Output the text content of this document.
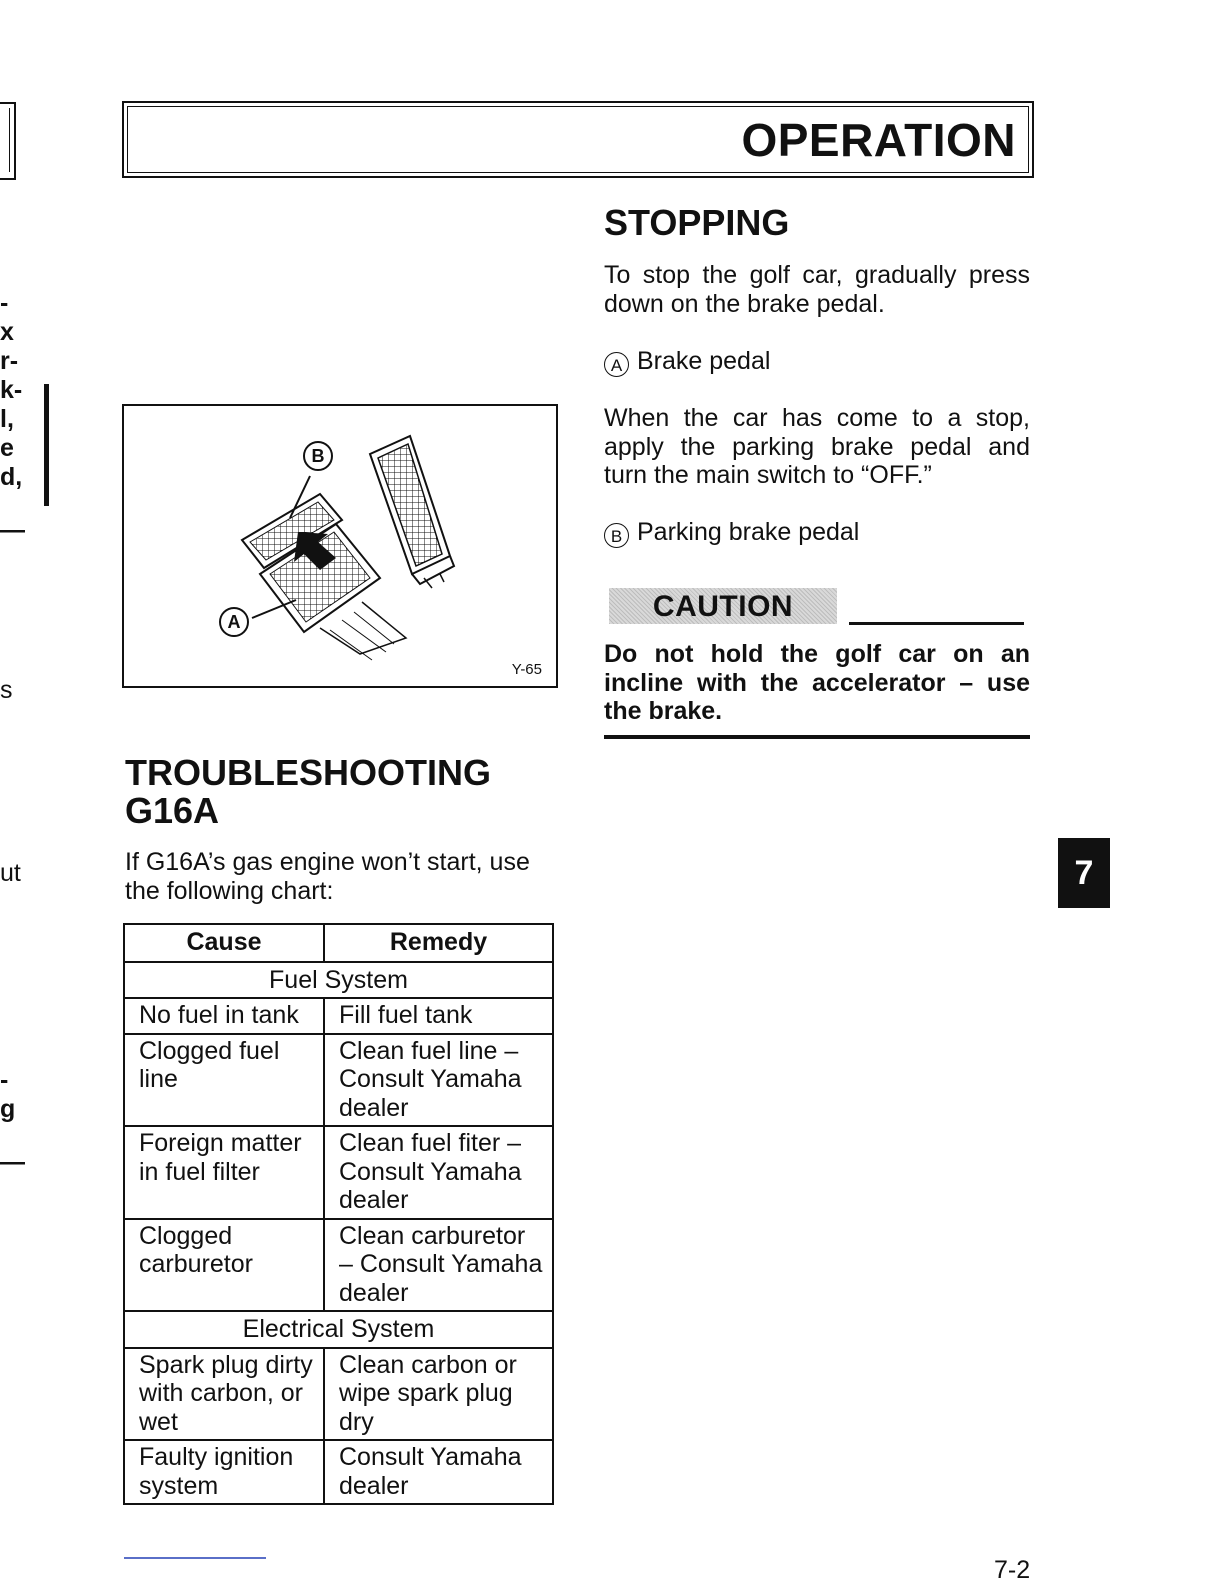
-
x
r-
k-
l,
e
d,
—
s
ut
-
g
—
OPERATION
STOPPING
To stop the golf car, gradually press down on the brake pedal.
A Brake pedal
When the car has come to a stop, apply the parking brake pedal and turn the main switch to “OFF.”
B Parking brake pedal
CAUTION
Do not hold the golf car on an incline with the accelerator – use the brake.
B
A
Y-65
TROUBLESHOOTING
G16A
If G16A’s gas engine won’t start, use the following chart:
Cause	Remedy
Fuel System	
No fuel in tank	Fill fuel tank
Clogged fuel line	Clean fuel line – Consult Yamaha dealer
Foreign matter in fuel filter	Clean fuel fiter – Consult Yamaha dealer
Clogged carburetor	Clean carburetor – Consult Yamaha dealer
Electrical System	
Spark plug dirty with carbon, or wet	Clean carbon or wipe spark plug dry
Faulty ignition system	Consult Yamaha dealer
7
7-2
